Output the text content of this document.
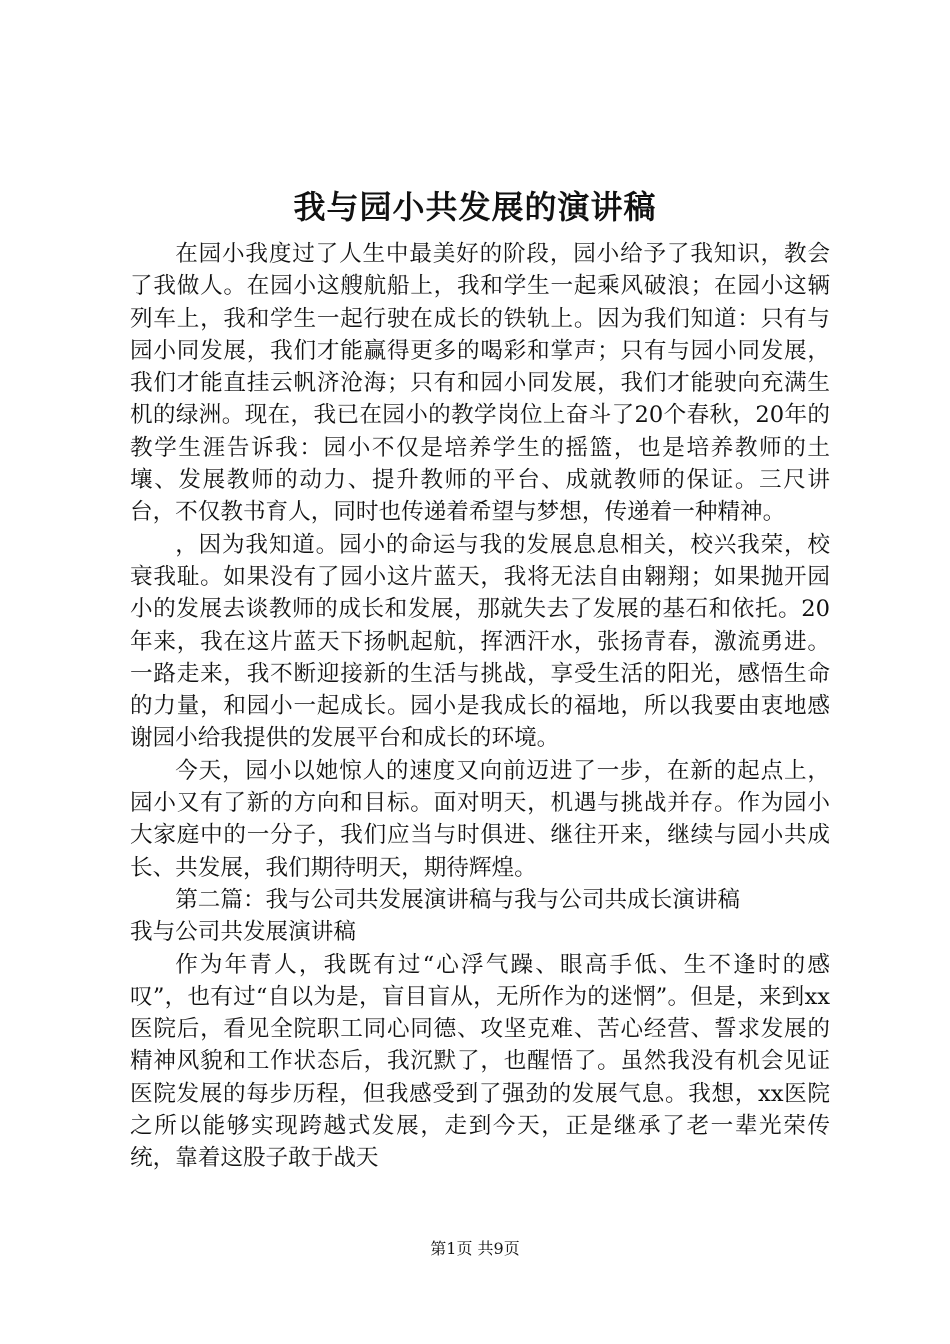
我与园小共发展的演讲稿

在园小我度过了人生中最美好的阶段，园小给予了我知识，教会了我做人。在园小这艘航船上，我和学生一起乘风破浪；在园小这辆列车上，我和学生一起行驶在成长的铁轨上。因为我们知道：只有与园小同发展，我们才能赢得更多的喝彩和掌声；只有与园小同发展，我们才能直挂云帆济沧海；只有和园小同发展，我们才能驶向充满生机的绿洲。现在，我已在园小的教学岗位上奋斗了20个春秋，20年的教学生涯告诉我：园小不仅是培养学生的摇篮，也是培养教师的土壤、发展教师的动力、提升教师的平台、成就教师的保证。三尺讲台，不仅教书育人，同时也传递着希望与梦想，传递着一种精神。

，因为我知道。园小的命运与我的发展息息相关，校兴我荣，校衰我耻。如果没有了园小这片蓝天，我将无法自由翱翔；如果抛开园小的发展去谈教师的成长和发展，那就失去了发展的基石和依托。20年来，我在这片蓝天下扬帆起航，挥洒汗水，张扬青春，激流勇进。一路走来，我不断迎接新的生活与挑战，享受生活的阳光，感悟生命的力量，和园小一起成长。园小是我成长的福地，所以我要由衷地感谢园小给我提供的发展平台和成长的环境。

今天，园小以她惊人的速度又向前迈进了一步，在新的起点上，园小又有了新的方向和目标。面对明天，机遇与挑战并存。作为园小大家庭中的一分子，我们应当与时俱进、继往开来，继续与园小共成长、共发展，我们期待明天，期待辉煌。

第二篇：我与公司共发展演讲稿与我与公司共成长演讲稿

我与公司共发展演讲稿

作为年青人，我既有过“心浮气躁、眼高手低、生不逢时的感叹”，也有过“自以为是，盲目盲从，无所作为的迷惘”。但是，来到xx医院后，看见全院职工同心同德、攻坚克难、苦心经营、誓求发展的精神风貌和工作状态后，我沉默了，也醒悟了。虽然我没有机会见证医院发展的每步历程，但我感受到了强劲的发展气息。我想，xx医院之所以能够实现跨越式发展，走到今天，正是继承了老一辈光荣传统，靠着这股子敢于战天

第1页 共9页
